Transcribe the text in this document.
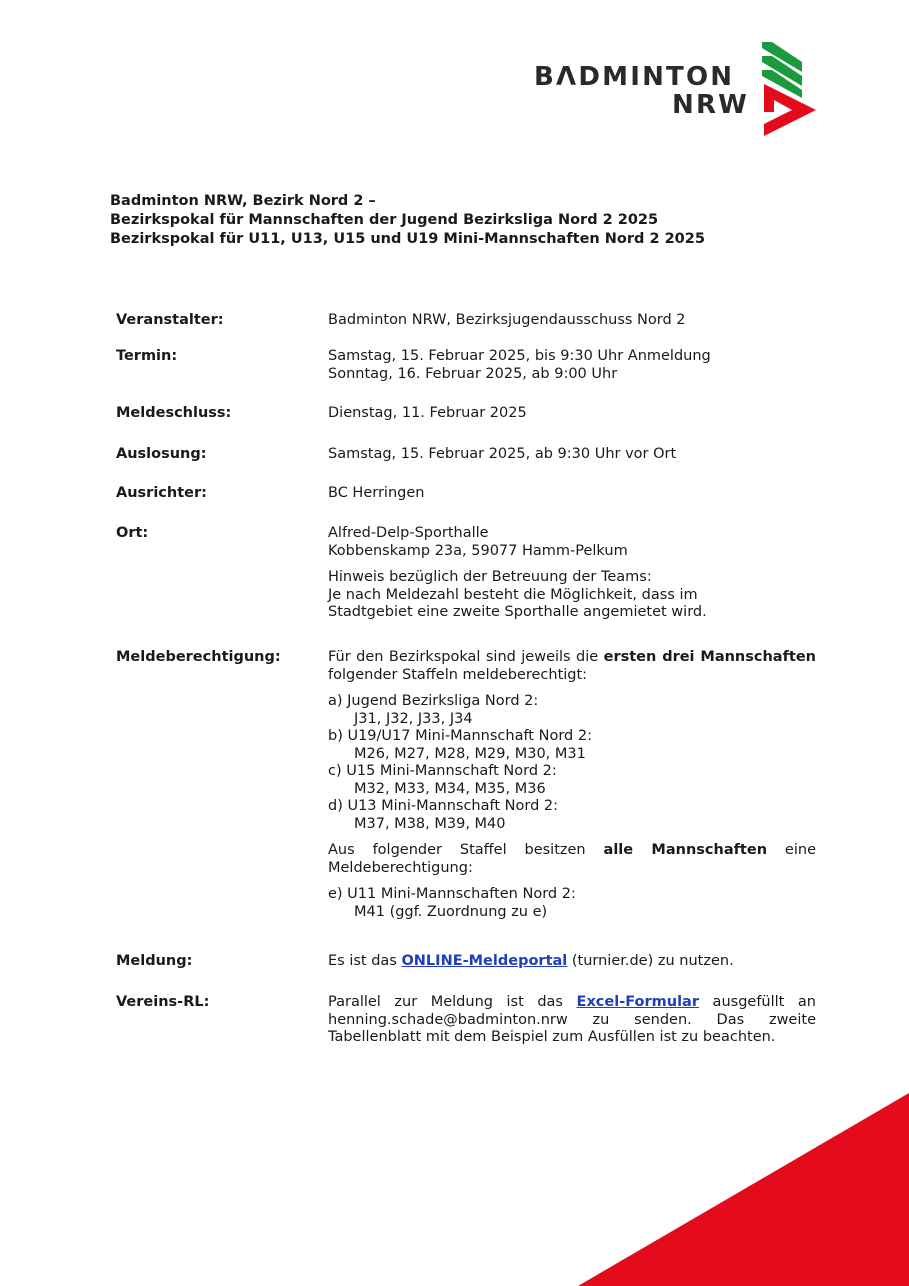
BΛDMINTON
NRW
Badminton NRW, Bezirk Nord 2 –
Bezirkspokal für Mannschaften der Jugend Bezirksliga Nord 2 2025
Bezirkspokal für U11, U13, U15 und U19 Mini-Mannschaften Nord 2 2025
Veranstalter:	Badminton NRW, Bezirksjugendausschuss Nord 2
Termin:	Samstag, 15. Februar 2025, bis 9:30 Uhr Anmeldung

Sonntag, 16. Februar 2025, ab 9:00 Uhr

Meldeschluss:	Dienstag, 11. Februar 2025
Auslosung:	Samstag, 15. Februar 2025, ab 9:30 Uhr vor Ort
Ausrichter:	BC Herringen
Ort:	Alfred-Delp-Sporthalle

Kobbenskamp 23a, 59077 Hamm-Pelkum

Hinweis bezüglich der Betreuung der Teams:

Je nach Meldezahl besteht die Möglichkeit, dass im

Stadtgebiet eine zweite Sporthalle angemietet wird.

Meldeberechtigung:	Für den Bezirkspokal sind jeweils die ersten drei Mannschaften folgender Staffeln meldeberechtigt:

a) Jugend Bezirksliga Nord 2:

J31, J32, J33, J34

b) U19/U17 Mini-Mannschaft Nord 2:

M26, M27, M28, M29, M30, M31

c) U15 Mini-Mannschaft Nord 2:

M32, M33, M34, M35, M36

d) U13 Mini-Mannschaft Nord 2:

M37, M38, M39, M40

Aus folgender Staffel besitzen alle Mannschaften eine Meldeberechtigung:

e) U11 Mini-Mannschaften Nord 2:

M41 (ggf. Zuordnung zu e)

Meldung:	Es ist das ONLINE-Meldeportal (turnier.de) zu nutzen.
Vereins-RL:	Parallel zur Meldung ist das Excel-Formular ausgefüllt an henning.schade@badminton.nrw zu senden. Das zweite Tabellenblatt mit dem Beispiel zum Ausfüllen ist zu beachten.
